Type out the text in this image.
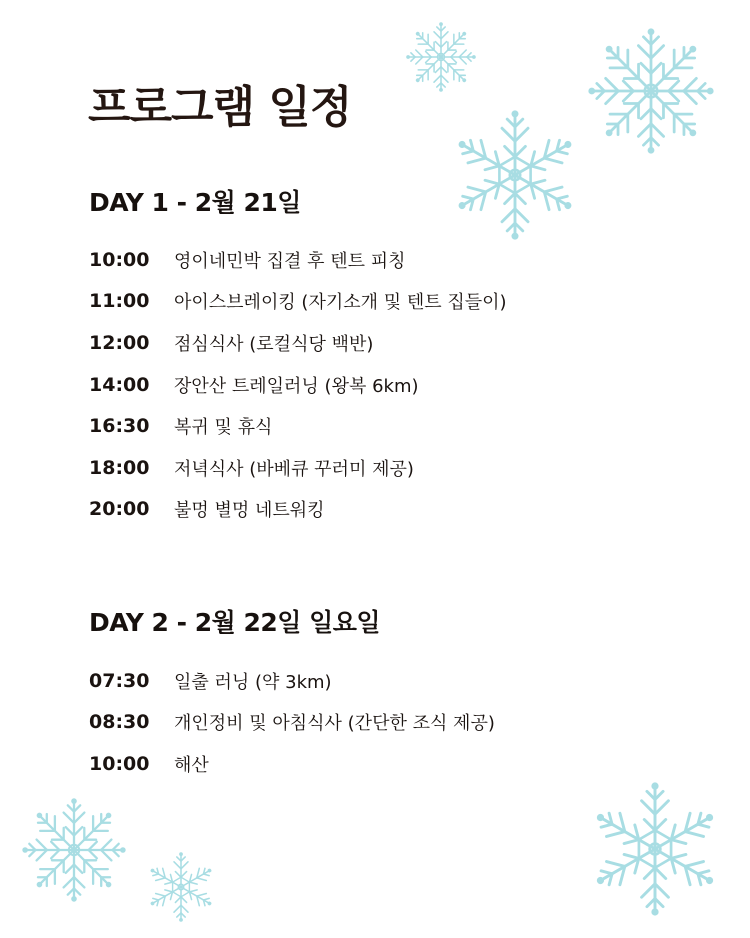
프로그램 일정
DAY 1 - 2월 21일
10:00	영이네민박 집결 후 텐트 피칭
11:00	아이스브레이킹 (자기소개 및 텐트 집들이)
12:00	점심식사 (로컬식당 백반)
14:00	장안산 트레일러닝 (왕복 6km)
16:30	복귀 및 휴식
18:00	저녁식사 (바베큐 꾸러미 제공)
20:00	불멍 별멍 네트워킹
DAY 2 - 2월 22일 일요일
07:30	일출 러닝 (약 3km)
08:30	개인정비 및 아침식사 (간단한 조식 제공)
10:00	해산
